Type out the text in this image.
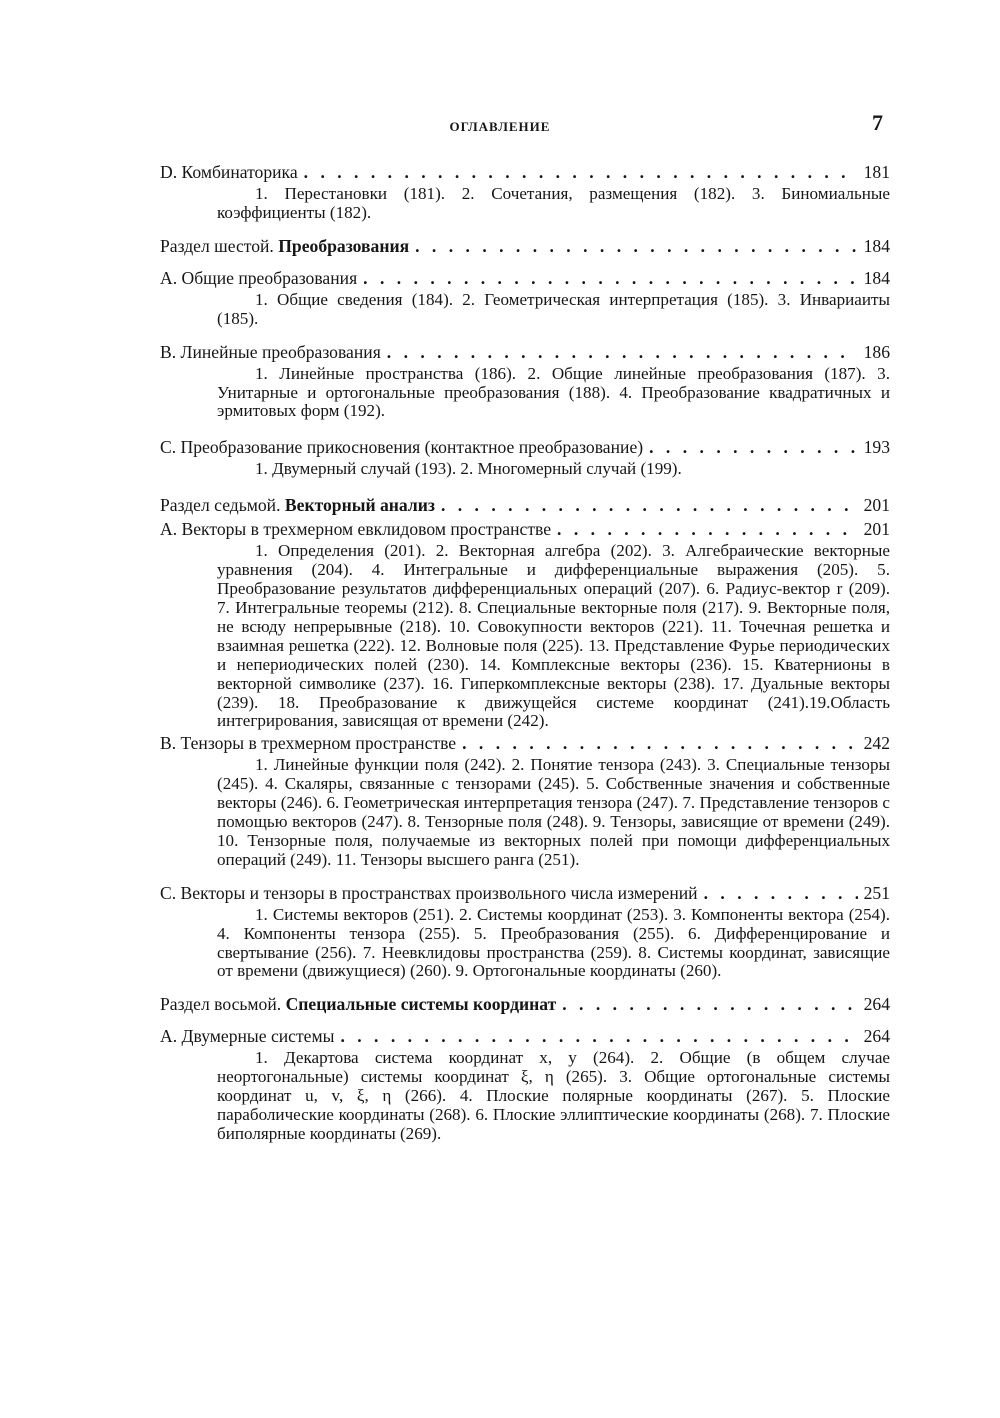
ОГЛАВЛЕНИЕ	7
D. Комбинаторика . . .	181

1. Перестановки (181). 2. Сочетания, размещения (182). 3. Биномиальные коэффициенты (182).

Раздел шестой. Преобразования . . .	184
A. Общие преобразования . . .	184

1. Общие сведения (184). 2. Геометрическая интерпретация (185). 3. Инвариаиты (185).

B. Линейные преобразования . . .	186

1. Линейные пространства (186). 2. Общие линейные преобразования (187). 3. Унитарные и ортогональные преобразования (188). 4. Преобразование квадратичных и эрмитовых форм (192).

C. Преобразование прикосновения (контактное преобразование) . . .	193

1. Двумерный случай (193). 2. Многомерный случай (199).

Раздел седьмой. Векторный анализ . . .	201
A. Векторы в трехмерном евклидовом пространстве . . .	201

1. Определения (201). 2. Векторная алгебра (202). 3. Алгебраические векторные уравнения (204). 4. Интегральные и дифференциальные выражения (205). 5. Преобразование результатов дифференциальных операций (207). 6. Радиус-вектор r (209). 7. Интегральные теоремы (212). 8. Специальные векторные поля (217). 9. Векторные поля, не всюду непрерывные (218). 10. Совокупности векторов (221). 11. Точечная решетка и взаимная решетка (222). 12. Волновые поля (225). 13. Представление Фурье периодических и непериодических полей (230). 14. Комплексные векторы (236). 15. Кватернионы в векторной символике (237). 16. Гиперкомплексные векторы (238). 17. Дуальные векторы (239). 18. Преобразование к движущейся системе координат (241).19.Область интегрирования, зависящая от времени (242).

B. Тензоры в трехмерном пространстве . . .	242

1. Линейные функции поля (242). 2. Понятие тензора (243). 3. Специальные тензоры (245). 4. Скаляры, связанные с тензорами (245). 5. Собственные значения и собственные векторы (246). 6. Геометрическая интерпретация тензора (247). 7. Представление тензоров с помощью векторов (247). 8. Тензорные поля (248). 9. Тензоры, зависящие от времени (249). 10. Тензорные поля, получаемые из векторных полей при помощи дифференциальных операций (249). 11. Тензоры высшего ранга (251).

C. Векторы и тензоры в пространствах произвольного числа измерений . . .	251

1. Системы векторов (251). 2. Системы координат (253). 3. Компоненты вектора (254). 4. Компоненты тензора (255). 5. Преобразования (255). 6. Дифференцирование и свертывание (256). 7. Неевклидовы пространства (259). 8. Системы координат, зависящие от времени (движущиеся) (260). 9. Ортогональные координаты (260).

Раздел восьмой. Специальные системы координат . . .	264
A. Двумерные системы . . .	264

1. Декартова система координат x, y (264). 2. Общие (в общем случае неортогональные) системы координат ξ, η (265). 3. Общие ортогональные системы координат u, v, ξ, η (266). 4. Плоские полярные координаты (267). 5. Плоские параболические координаты (268). 6. Плоские эллиптические координаты (268). 7. Плоские биполярные координаты (269).
